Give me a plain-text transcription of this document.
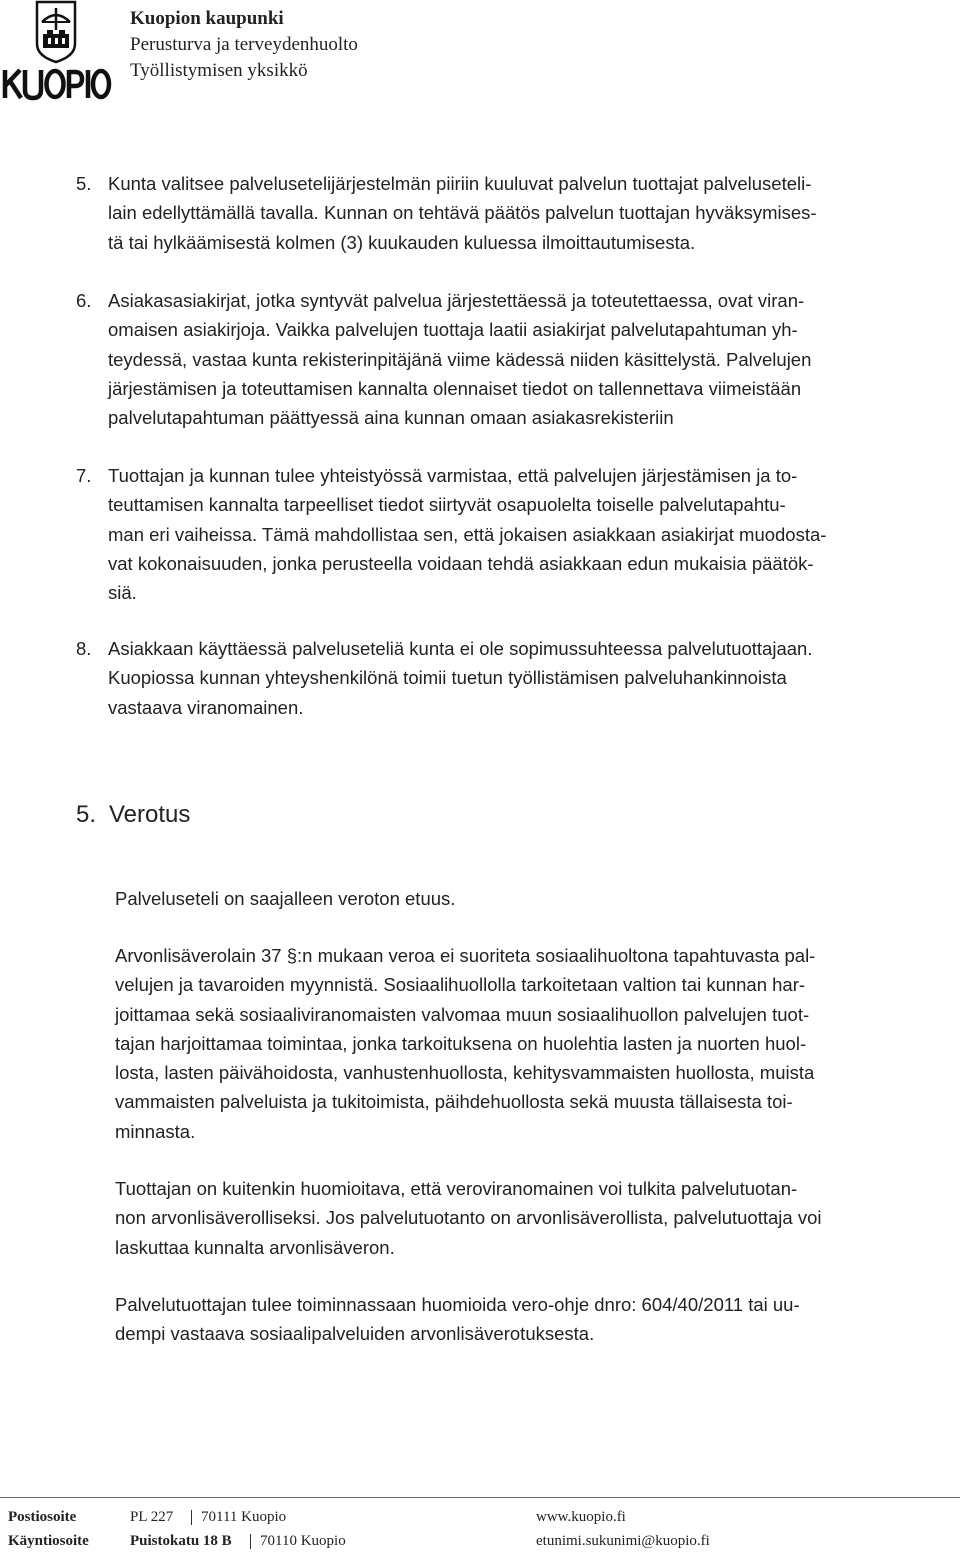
Kuopion kaupunki
Perusturva ja terveydenhuolto
Työllistymisen yksikkö
5. Kunta valitsee palvelusetelijärjestelmän piiriin kuuluvat palvelun tuottajat palveluseteli-
lain edellyttämällä tavalla. Kunnan on tehtävä päätös palvelun tuottajan hyväksymises-
tä tai hylkäämisestä kolmen (3) kuukauden kuluessa ilmoittautumisesta.
6. Asiakasasiakirjat, jotka syntyvät palvelua järjestettäessä ja toteutettaessa, ovat viran-
omaisen asiakirjoja. Vaikka palvelujen tuottaja laatii asiakirjat palvelutapahtuman yh-
teydessä, vastaa kunta rekisterinpitäjänä viime kädessä niiden käsittelystä. Palvelujen
järjestämisen ja toteuttamisen kannalta olennaiset tiedot on tallennettava viimeistään
palvelutapahtuman päättyessä aina kunnan omaan asiakasrekisteriin
7. Tuottajan ja kunnan tulee yhteistyössä varmistaa, että palvelujen järjestämisen ja to-
teuttamisen kannalta tarpeelliset tiedot siirtyvät osapuolelta toiselle palvelutapahtu-
man eri vaiheissa. Tämä mahdollistaa sen, että jokaisen asiakkaan asiakirjat muodosta-
vat kokonaisuuden, jonka perusteella voidaan tehdä asiakkaan edun mukaisia päätök-
siä.
8. Asiakkaan käyttäessä palveluseteliä kunta ei ole sopimussuhteessa palvelutuottajaan.
Kuopiossa kunnan yhteyshenkilönä toimii tuetun työllistämisen palveluhankinnoista
vastaava viranomainen.
5. Verotus
Palveluseteli on saajalleen veroton etuus.
Arvonlisäverolain 37 §:n mukaan veroa ei suoriteta sosiaalihuoltona tapahtuvasta pal-
velujen ja tavaroiden myynnistä. Sosiaalihuollolla tarkoitetaan valtion tai kunnan har-
joittamaa sekä sosiaaliviranomaisten valvomaa muun sosiaalihuollon palvelujen tuot-
tajan harjoittamaa toimintaa, jonka tarkoituksena on huolehtia lasten ja nuorten huol-
losta, lasten päivähoidosta, vanhustenhuollosta, kehitysvammaisten huollosta, muista
vammaisten palveluista ja tukitoimista, päihdehuollosta sekä muusta tällaisesta toi-
minnasta.
Tuottajan on kuitenkin huomioitava, että veroviranomainen voi tulkita palvelutuotan-
non arvonlisäverolliseksi. Jos palvelutuotanto on arvonlisäverollista, palvelutuottaja voi
laskuttaa kunnalta arvonlisäveron.
Palvelutuottajan tulee toiminnassaan huomioida vero-ohje dnro: 604/40/2011 tai uu-
dempi vastaava sosiaalipalveluiden arvonlisäverotuksesta.
Postiosoite	PL 227 70111 Kuopio	www.kuopio.fi
Käyntiosoite	Puistokatu 18 B 70110 Kuopio	etunimi.sukunimi@kuopio.fi
